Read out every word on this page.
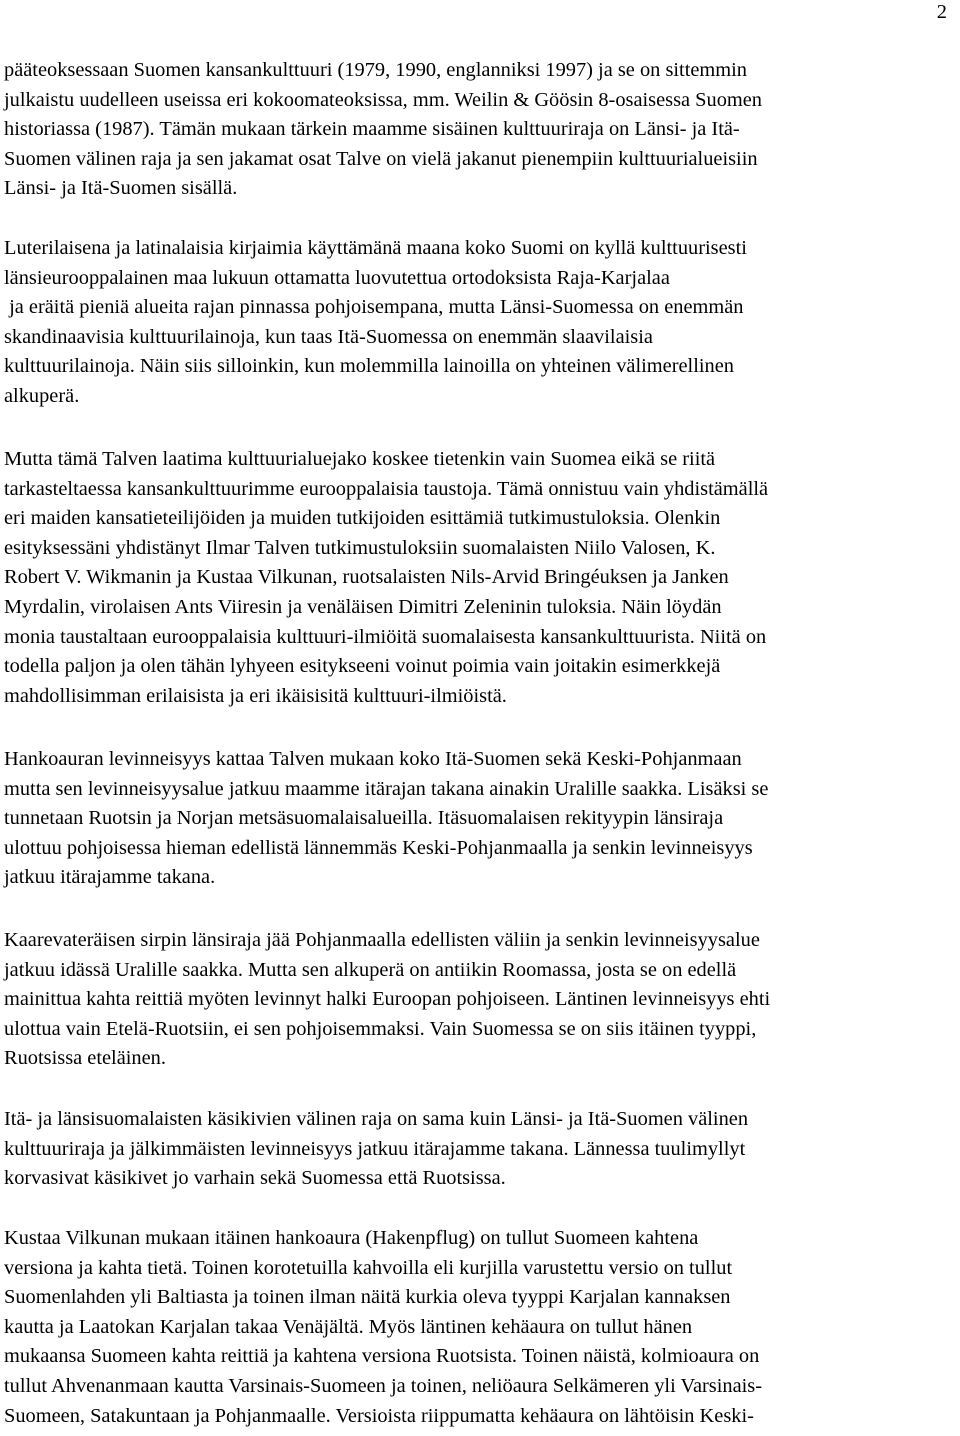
2
pääteoksessaan Suomen kansankulttuuri (1979, 1990, englanniksi 1997) ja se on sittemmin
julkaistu uudelleen useissa eri kokoomateoksissa, mm. Weilin & Göösin 8-osaisessa Suomen
historiassa (1987). Tämän mukaan tärkein maamme sisäinen kulttuuriraja on Länsi- ja Itä-
Suomen välinen raja ja sen jakamat osat Talve on vielä jakanut pienempiin kulttuurialueisiin
Länsi- ja Itä-Suomen sisällä.
Luterilaisena ja latinalaisia kirjaimia käyttämänä maana koko Suomi on kyllä kulttuurisesti
länsieurooppalainen maa lukuun ottamatta luovutettua ortodoksista Raja-Karjalaa
ja eräitä pieniä alueita rajan pinnassa pohjoisempana, mutta Länsi-Suomessa on enemmän
skandinaavisia kulttuurilainoja, kun taas Itä-Suomessa on enemmän slaavilaisia
kulttuurilainoja. Näin siis silloinkin, kun molemmilla lainoilla on yhteinen välimerellinen
alkuperä.
Mutta tämä Talven laatima kulttuurialuejako koskee tietenkin vain Suomea eikä se riitä
tarkasteltaessa kansankulttuurimme eurooppalaisia taustoja. Tämä onnistuu vain yhdistämällä
eri maiden kansatieteilijöiden ja muiden tutkijoiden esittämiä tutkimustuloksia. Olenkin
esityksessäni yhdistänyt Ilmar Talven tutkimustuloksiin suomalaisten Niilo Valosen, K.
Robert V. Wikmanin ja Kustaa Vilkunan, ruotsalaisten Nils-Arvid Bringéuksen ja Janken
Myrdalin, virolaisen Ants Viiresin ja venäläisen Dimitri Zeleninin tuloksia. Näin löydän
monia taustaltaan eurooppalaisia kulttuuri-ilmiöitä suomalaisesta kansankulttuurista. Niitä on
todella paljon ja olen tähän lyhyeen esitykseeni voinut poimia vain joitakin esimerkkejä
mahdollisimman erilaisista ja eri ikäisisitä kulttuuri-ilmiöistä.
Hankoauran levinneisyys kattaa Talven mukaan koko Itä-Suomen sekä Keski-Pohjanmaan
mutta sen levinneisyysalue jatkuu maamme itärajan takana ainakin Uralille saakka. Lisäksi se
tunnetaan Ruotsin ja Norjan metsäsuomalaisalueilla. Itäsuomalaisen rekityypin länsiraja
ulottuu pohjoisessa hieman edellistä lännemmäs Keski-Pohjanmaalla ja senkin levinneisyys
jatkuu itärajamme takana.
Kaarevateräisen sirpin länsiraja jää Pohjanmaalla edellisten väliin ja senkin levinneisyysalue
jatkuu idässä Uralille saakka. Mutta sen alkuperä on antiikin Roomassa, josta se on edellä
mainittua kahta reittiä myöten levinnyt halki Euroopan pohjoiseen. Läntinen levinneisyys ehti
ulottua vain Etelä-Ruotsiin, ei sen pohjoisemmaksi. Vain Suomessa se on siis itäinen tyyppi,
Ruotsissa eteläinen.
Itä- ja länsisuomalaisten käsikivien välinen raja on sama kuin Länsi- ja Itä-Suomen välinen
kulttuuriraja ja jälkimmäisten levinneisyys jatkuu itärajamme takana. Lännessa tuulimyllyt
korvasivat käsikivet jo varhain sekä Suomessa että Ruotsissa.
Kustaa Vilkunan mukaan itäinen hankoaura (Hakenpflug) on tullut Suomeen kahtena
versiona ja kahta tietä. Toinen korotetuilla kahvoilla eli kurjilla varustettu versio on tullut
Suomenlahden yli Baltiasta ja toinen ilman näitä kurkia oleva tyyppi Karjalan kannaksen
kautta ja Laatokan Karjalan takaa Venäjältä. Myös läntinen kehäaura on tullut hänen
mukaansa Suomeen kahta reittiä ja kahtena versiona Ruotsista. Toinen näistä, kolmioaura on
tullut Ahvenanmaan kautta Varsinais-Suomeen ja toinen, neliöaura Selkämeren yli Varsinais-
Suomeen, Satakuntaan ja Pohjanmaalle. Versioista riippumatta kehäaura on lähtöisin Keski-
